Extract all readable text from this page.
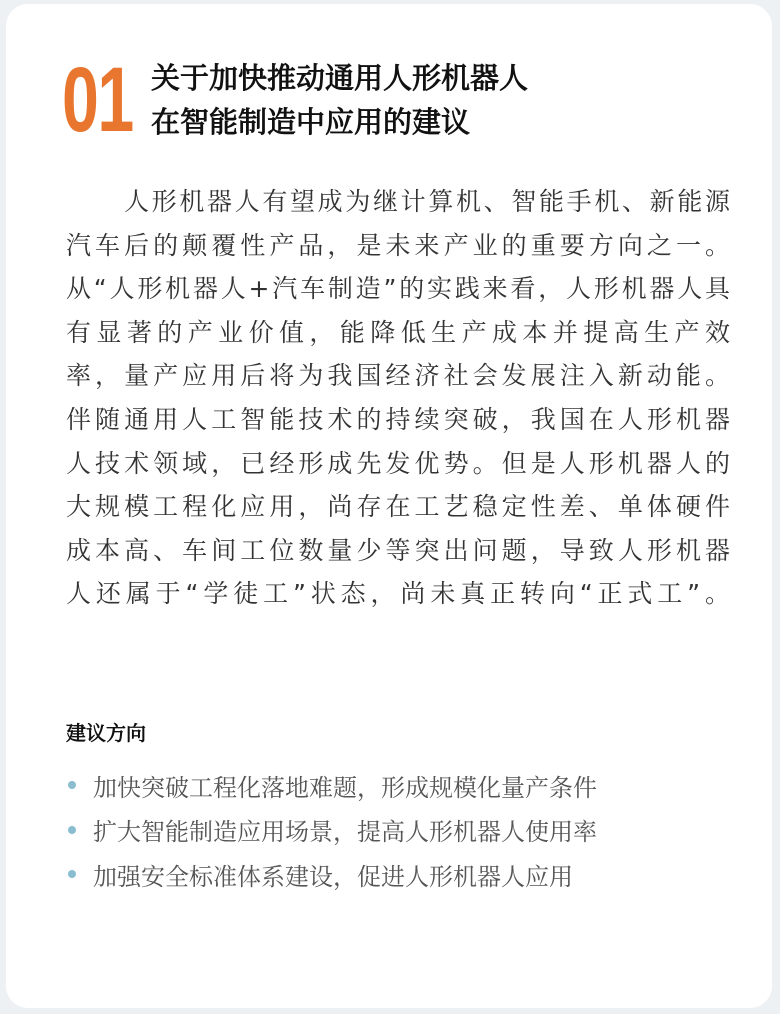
01 关于加快推动通用人形机器人
在智能制造中应用的建议
人形机器人有望成为继计算机、智能手机、新能源
汽车后的颠覆性产品，是未来产业的重要方向之一。
从“人形机器人+汽车制造”的实践来看，人形机器人具
有显著的产业价值，能降低生产成本并提高生产效
率，量产应用后将为我国经济社会发展注入新动能。
伴随通用人工智能技术的持续突破，我国在人形机器
人技术领域，已经形成先发优势。但是人形机器人的
大规模工程化应用，尚存在工艺稳定性差、单体硬件
成本高、车间工位数量少等突出问题，导致人形机器
人还属于“学徒工”状态，尚未真正转向“正式工”。
建议方向
加快突破工程化落地难题，形成规模化量产条件
扩大智能制造应用场景，提高人形机器人使用率
加强安全标准体系建设，促进人形机器人应用
